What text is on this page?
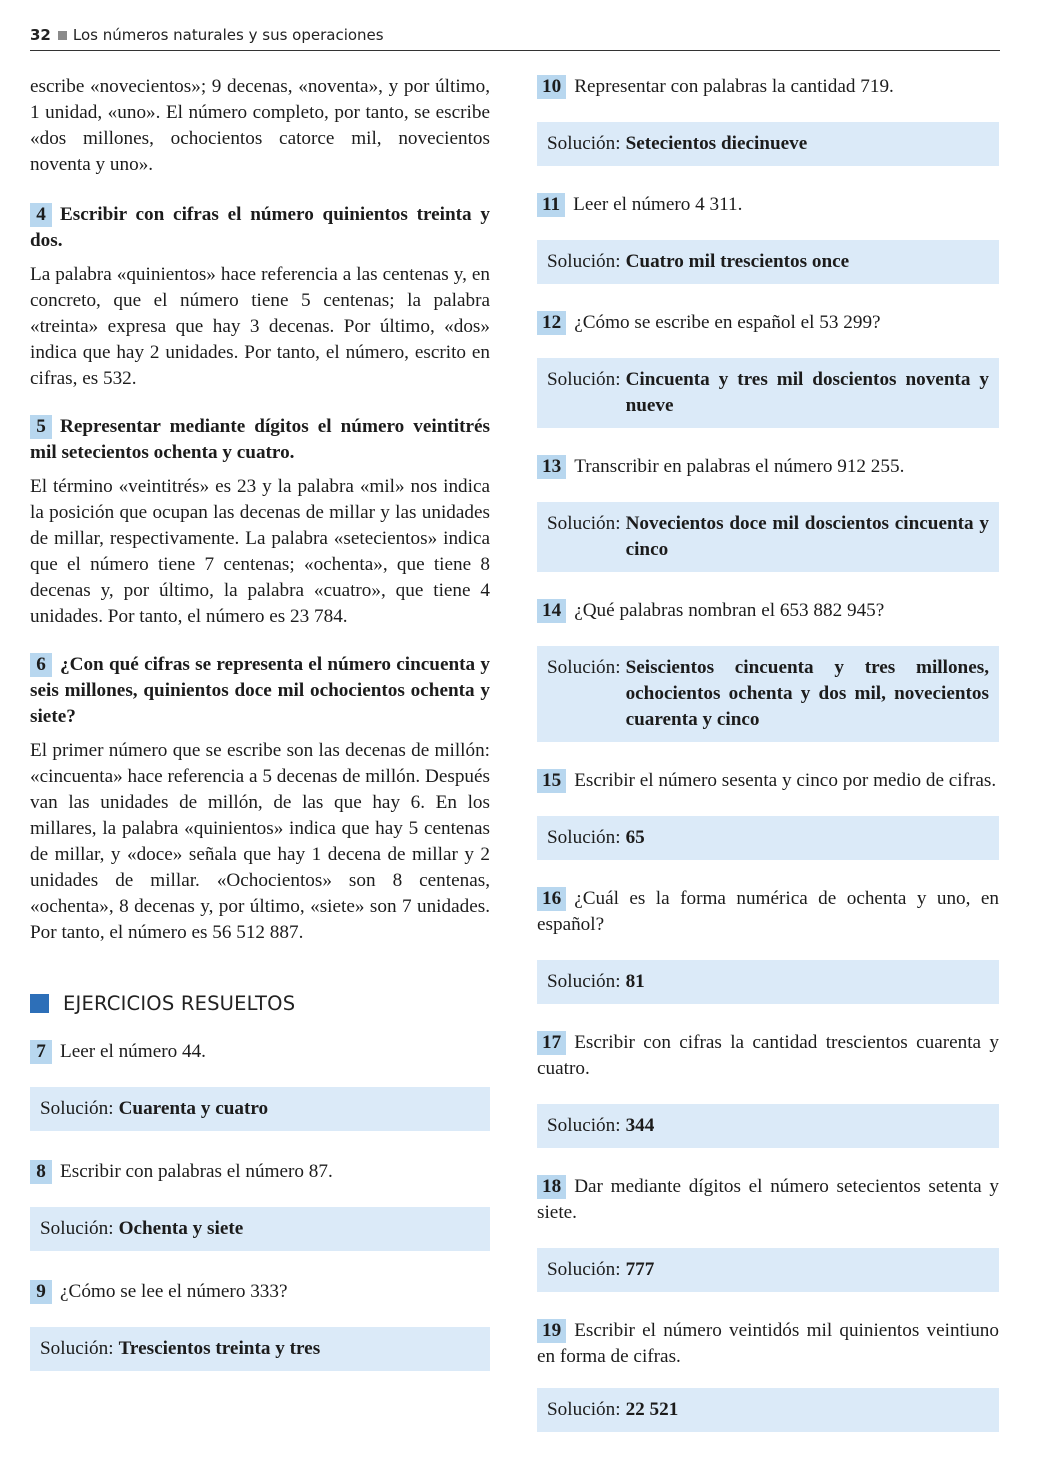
32 Los números naturales y sus operaciones

escribe «novecientos»; 9 decenas, «noventa», y por último, 1 unidad, «uno». El número completo, por tanto, se escribe «dos millones, ochocientos catorce mil, novecientos noventa y uno».

4 Escribir con cifras el número quinientos treinta y dos.

La palabra «quinientos» hace referencia a las centenas y, en concreto, que el número tiene 5 centenas; la palabra «treinta» expresa que hay 3 decenas. Por último, «dos» indica que hay 2 unidades. Por tanto, el número, escrito en cifras, es 532.

5 Representar mediante dígitos el número veintitrés mil setecientos ochenta y cuatro.

El término «veintitrés» es 23 y la palabra «mil» nos indica la posición que ocupan las decenas de millar y las unidades de millar, respectivamente. La palabra «setecientos» indica que el número tiene 7 centenas; «ochenta», que tiene 8 decenas y, por último, la palabra «cuatro», que tiene 4 unidades. Por tanto, el número es 23 784.

6 ¿Con qué cifras se representa el número cincuenta y seis millones, quinientos doce mil ochocientos ochenta y siete?

El primer número que se escribe son las decenas de millón: «cincuenta» hace referencia a 5 decenas de millón. Después van las unidades de millón, de las que hay 6. En los millares, la palabra «quinientos» indica que hay 5 centenas de millar, y «doce» señala que hay 1 decena de millar y 2 unidades de millar. «Ochocientos» son 8 centenas, «ochenta», 8 decenas y, por último, «siete» son 7 unidades. Por tanto, el número es 56 512 887.

EJERCICIOS RESUELTOS

7 Leer el número 44.

Solución: Cuarenta y cuatro

8 Escribir con palabras el número 87.

Solución: Ochenta y siete

9 ¿Cómo se lee el número 333?

Solución: Trescientos treinta y tres

10 Representar con palabras la cantidad 719.

Solución: Setecientos diecinueve

11 Leer el número 4 311.

Solución: Cuatro mil trescientos once

12 ¿Cómo se escribe en español el 53 299?

Solución: Cincuenta y tres mil doscientos noventa y nueve

13 Transcribir en palabras el número 912 255.

Solución: Novecientos doce mil doscientos cincuenta y cinco

14 ¿Qué palabras nombran el 653 882 945?

Solución: Seiscientos cincuenta y tres millones, ochocientos ochenta y dos mil, novecientos cuarenta y cinco

15 Escribir el número sesenta y cinco por medio de cifras.

Solución: 65

16 ¿Cuál es la forma numérica de ochenta y uno, en español?

Solución: 81

17 Escribir con cifras la cantidad trescientos cuarenta y cuatro.

Solución: 344

18 Dar mediante dígitos el número setecientos setenta y siete.

Solución: 777

19 Escribir el número veintidós mil quinientos veintiuno en forma de cifras.

Solución: 22 521
